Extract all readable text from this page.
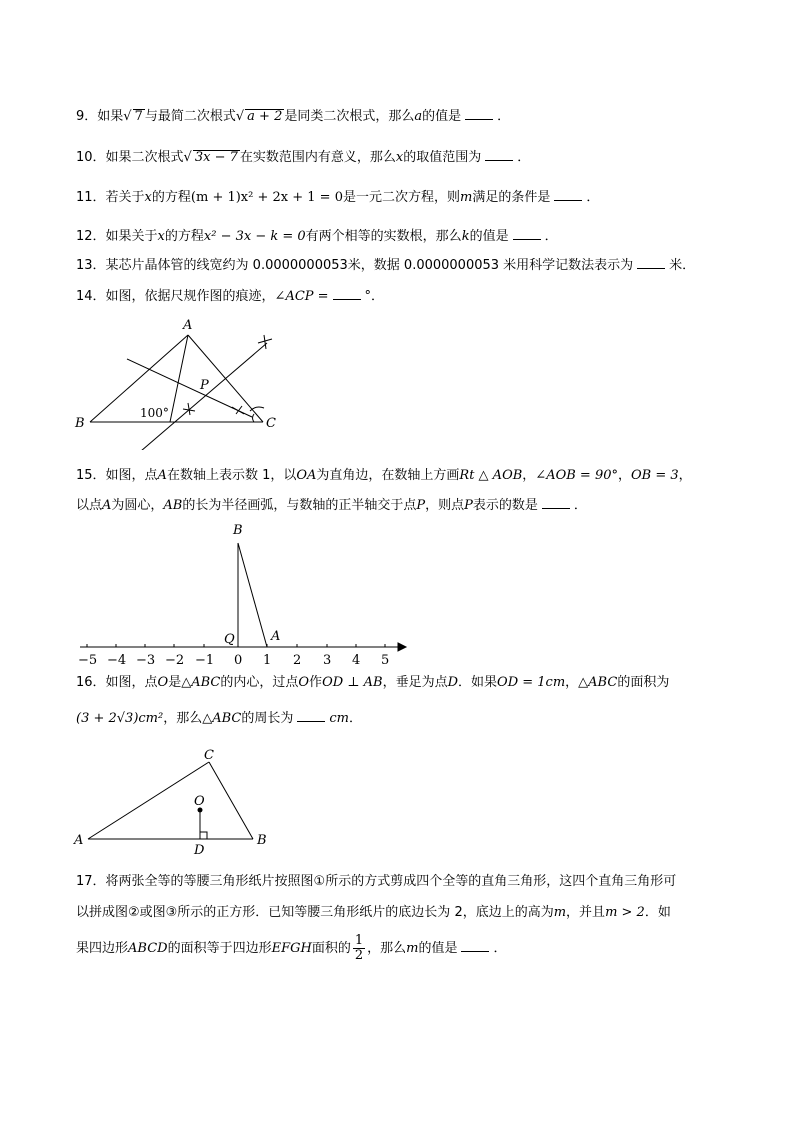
9．如果√ 7 与最简二次根式√ a + 2 是同类二次根式，那么a的值是	．
10．如果二次根式√ 3x − 7 在实数范围内有意义，那么x的取值范围为	．
11．若关于x的方程(m + 1)x² + 2x + 1 = 0是一元二次方程，则m满足的条件是	．
12．如果关于x的方程x² − 3x − k = 0有两个相等的实数根，那么k的值是	．
13．某芯片晶体管的线宽约为 0.0000000053米，数据 0.0000000053 米用科学记数法表示为	米．
14．如图，依据尺规作图的痕迹，∠ACP =	°．
A
B	C
P
100°
15．如图，点A在数轴上表示数 1，以OA为直角边，在数轴上方画Rt △ AOB，∠AOB = 90°，OB = 3，
以点A为圆心，AB的长为半径画弧，与数轴的正半轴交于点P，则点P表示的数是	．
B
Q	A
−5 −4 −3 −2 −1 0 1 2 3 4 5
16．如图，点O是△ABC的内心，过点O作OD ⊥ AB，垂足为点D．如果OD = 1cm，△ABC的面积为
(3 + 2√3)cm²，那么△ABC的周长为	cm．
A	B
C
O
D
17．将两张全等的等腰三角形纸片按照图①所示的方式剪成四个全等的直角三角形，这四个直角三角形可
以拼成图②或图③所示的正方形．已知等腰三角形纸片的底边长为 2，底边上的高为m，并且m > 2．如
果四边形ABCD的面积等于四边形EFGH面积的 $\frac{1}{2}$ ，那么m的值是	．
